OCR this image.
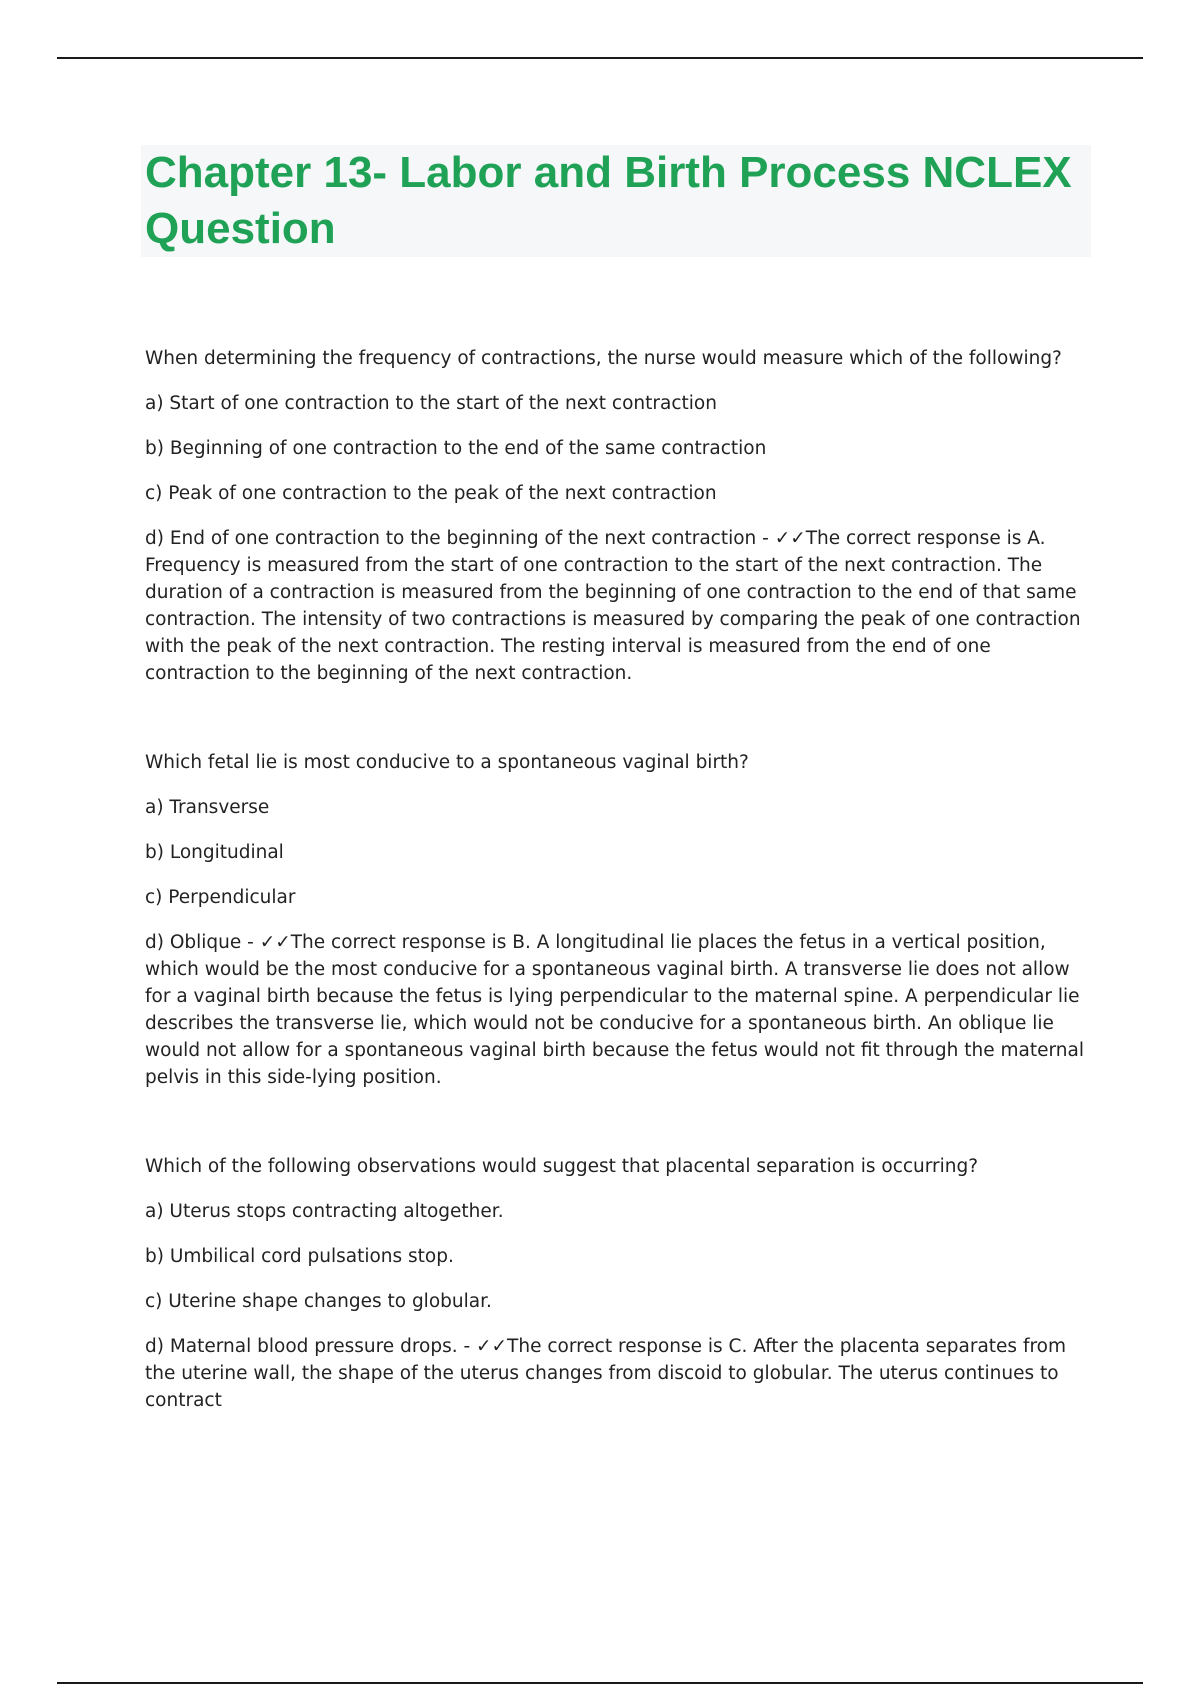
Chapter 13- Labor and Birth Process NCLEX Question

When determining the frequency of contractions, the nurse would measure which of the following?

a) Start of one contraction to the start of the next contraction

b) Beginning of one contraction to the end of the same contraction

c) Peak of one contraction to the peak of the next contraction

d) End of one contraction to the beginning of the next contraction - ✓✓The correct response is A. Frequency is measured from the start of one contraction to the start of the next contraction. The duration of a contraction is measured from the beginning of one contraction to the end of that same contraction. The intensity of two contractions is measured by comparing the peak of one contraction with the peak of the next contraction. The resting interval is measured from the end of one contraction to the beginning of the next contraction.

Which fetal lie is most conducive to a spontaneous vaginal birth?

a) Transverse

b) Longitudinal

c) Perpendicular

d) Oblique - ✓✓The correct response is B. A longitudinal lie places the fetus in a vertical position, which would be the most conducive for a spontaneous vaginal birth. A transverse lie does not allow for a vaginal birth because the fetus is lying perpendicular to the maternal spine. A perpendicular lie describes the transverse lie, which would not be conducive for a spontaneous birth. An oblique lie would not allow for a spontaneous vaginal birth because the fetus would not fit through the maternal pelvis in this side-lying position.

Which of the following observations would suggest that placental separation is occurring?

a) Uterus stops contracting altogether.

b) Umbilical cord pulsations stop.

c) Uterine shape changes to globular.

d) Maternal blood pressure drops. - ✓✓The correct response is C. After the placenta separates from the uterine wall, the shape of the uterus changes from discoid to globular. The uterus continues to contract
